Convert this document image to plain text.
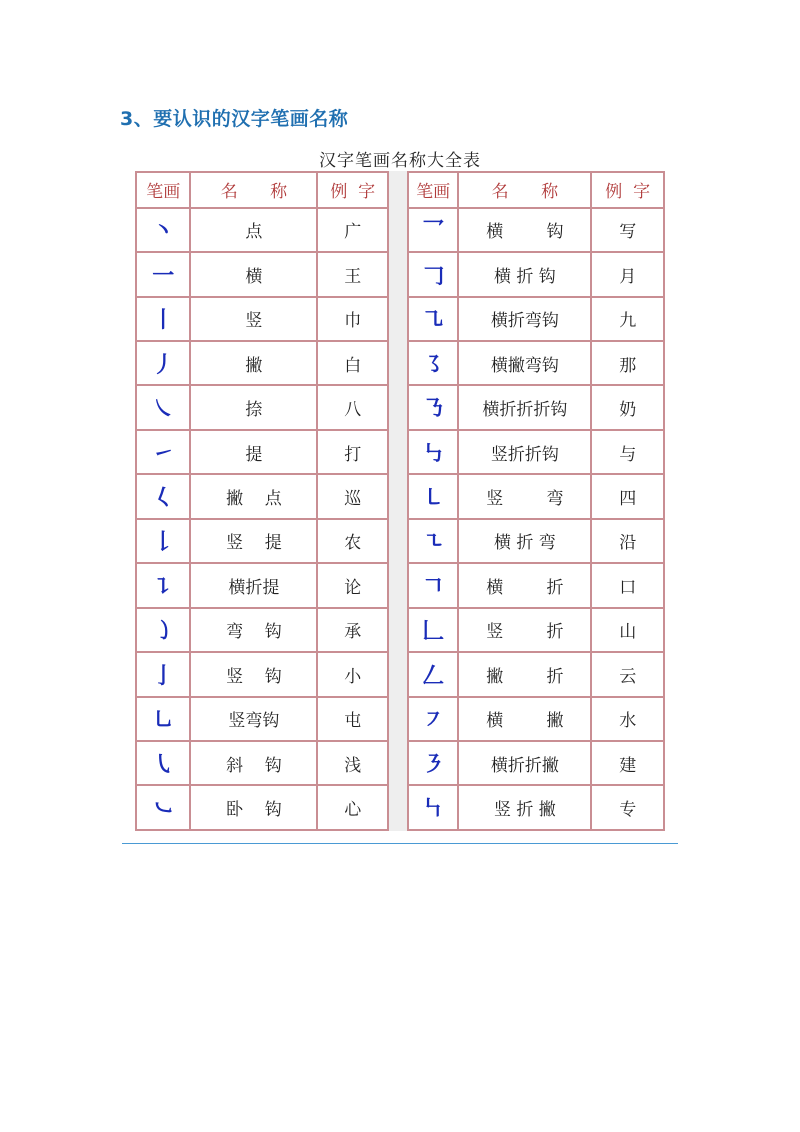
3、要认识的汉字笔画名称
汉字笔画名称大全表
笔画	名      称	例  字
丶	点	广
一	横	王
丨	竖	巾
丿	撇	白
㇏	捺	八
㇀	提	打
𡿨	撇    点	巡
𠄌	竖    提	农
㇊	横折提	论
㇁	弯    钩	承
亅	竖    钩	小
㇟	竖弯钩	屯
㇂	斜    钩	浅
㇃	卧    钩	心
笔画	名      称	例  字
乛	横        钩	写
𠃌	横 折 钩	月
㇈	横折弯钩	九
㇌	横撇弯钩	那
㇡	横折折折钩	奶
㇉	竖折折钩	与
㇄	竖        弯	四
㇍	横 折 弯	沿
𠃍	横        折	口
𠃊	竖        折	山
𠃋	撇        折	云
㇇	横        撇	水
㇋	横折折撇	建
㇞	竖 折 撇	专
